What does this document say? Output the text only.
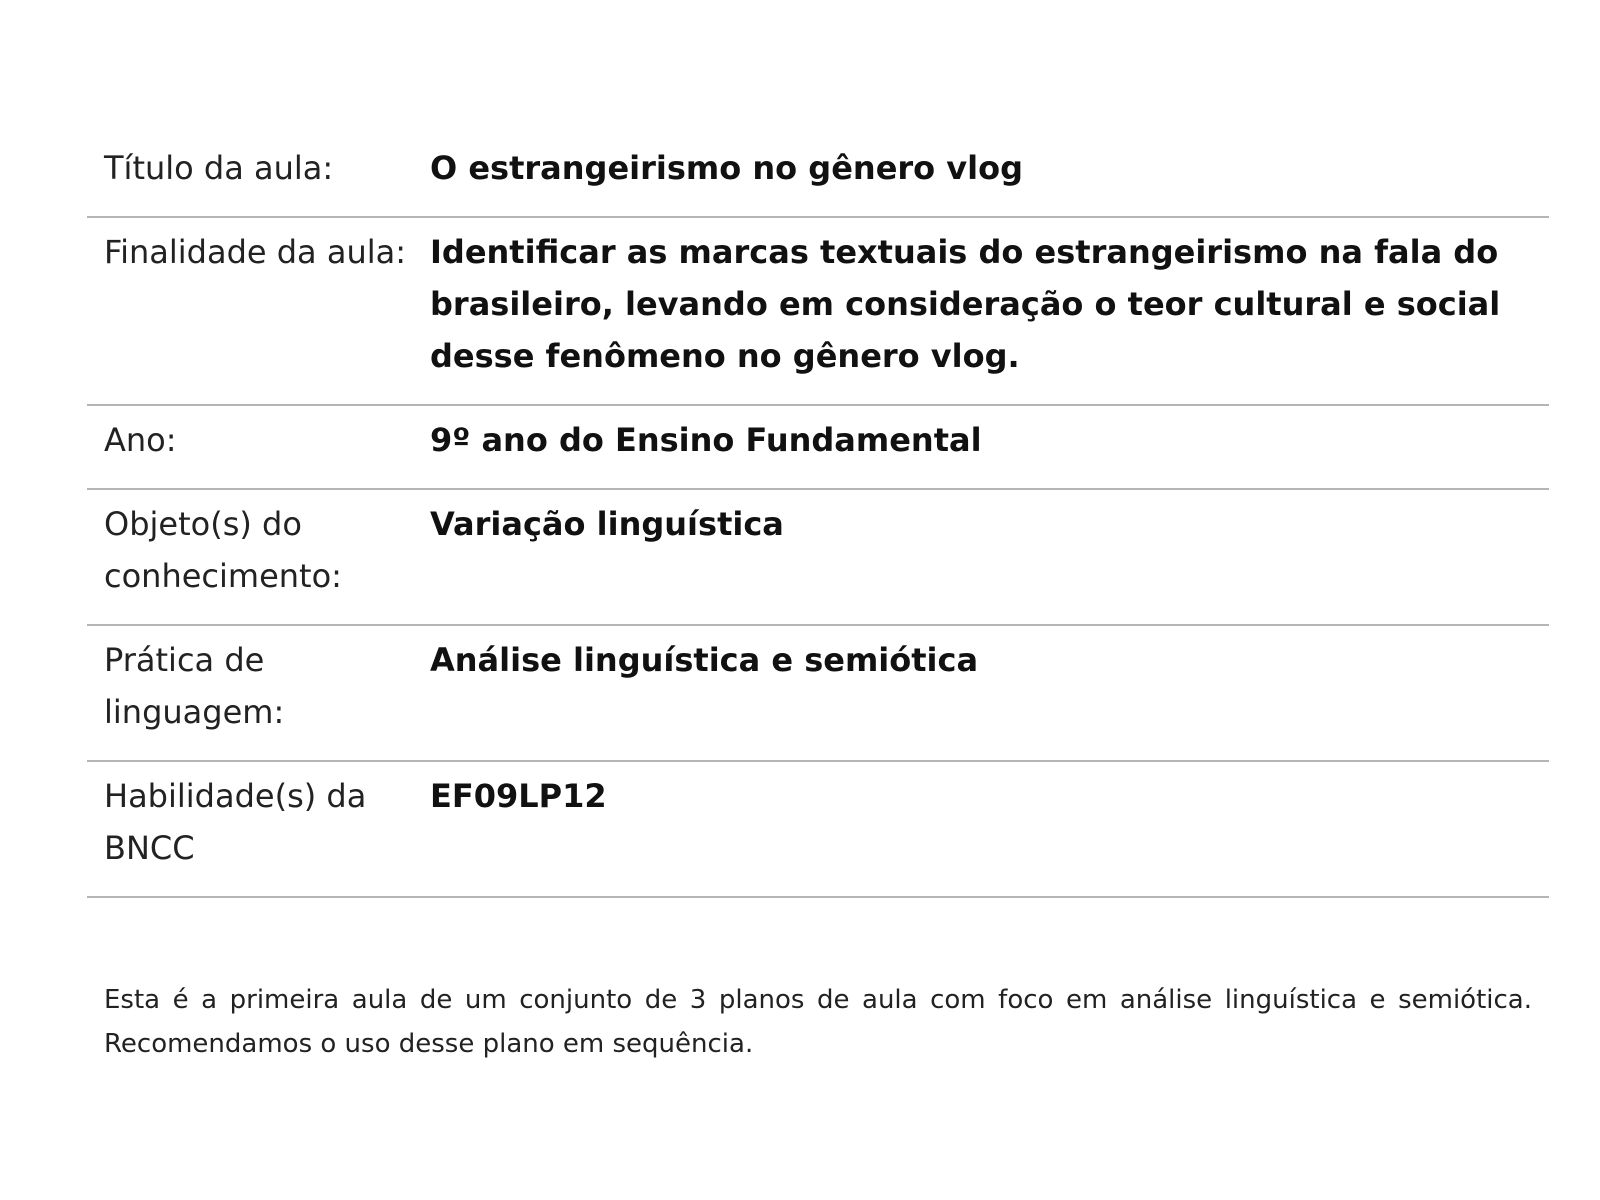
Título da aula:	O estrangeirismo no gênero vlog
Finalidade da aula: Identificar as marcas textuais do estrangeirismo na fala do brasileiro, levando em consideração o teor cultural e social desse fenômeno no gênero vlog.
Ano:	9º ano do Ensino Fundamental
Objeto(s) do conhecimento:
Variação linguística
Prática de linguagem:
Análise linguística e semiótica
Habilidade(s) da BNCC
EF09LP12
Esta é a primeira aula de um conjunto de 3 planos de aula com foco em análise linguística e semiótica. Recomendamos o uso desse plano em sequência.
